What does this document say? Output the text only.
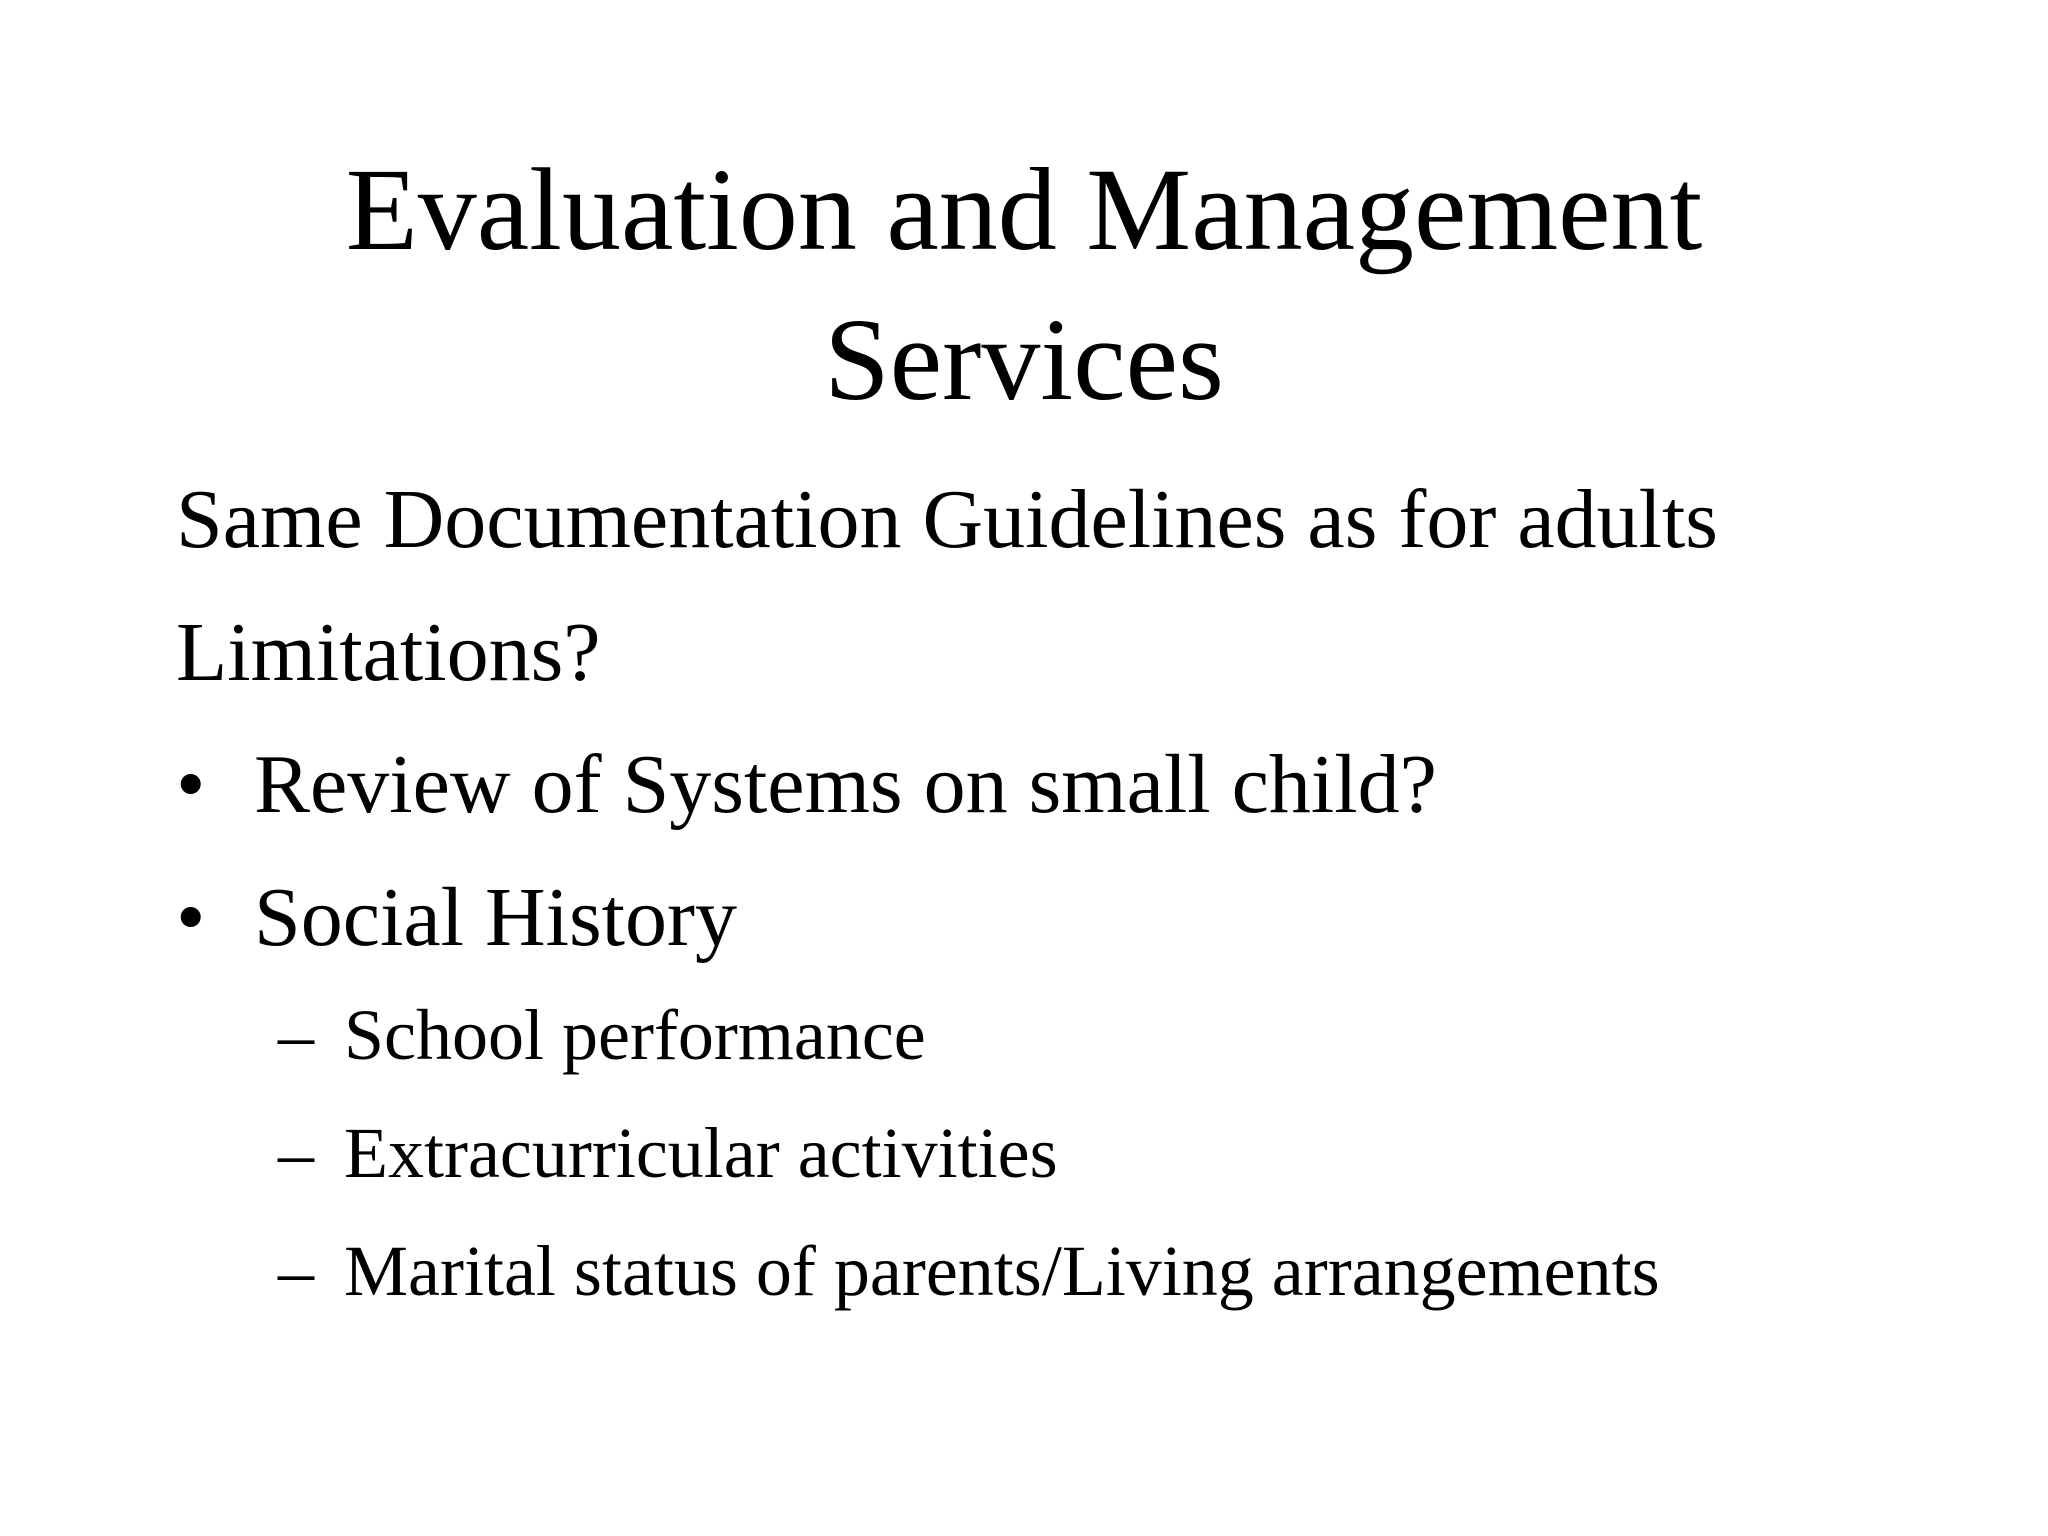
Evaluation and Management
Services

Same Documentation Guidelines as for adults

Limitations?

• Review of Systems on small child?

• Social History

– School performance

– Extracurricular activities

– Marital status of parents/Living arrangements
